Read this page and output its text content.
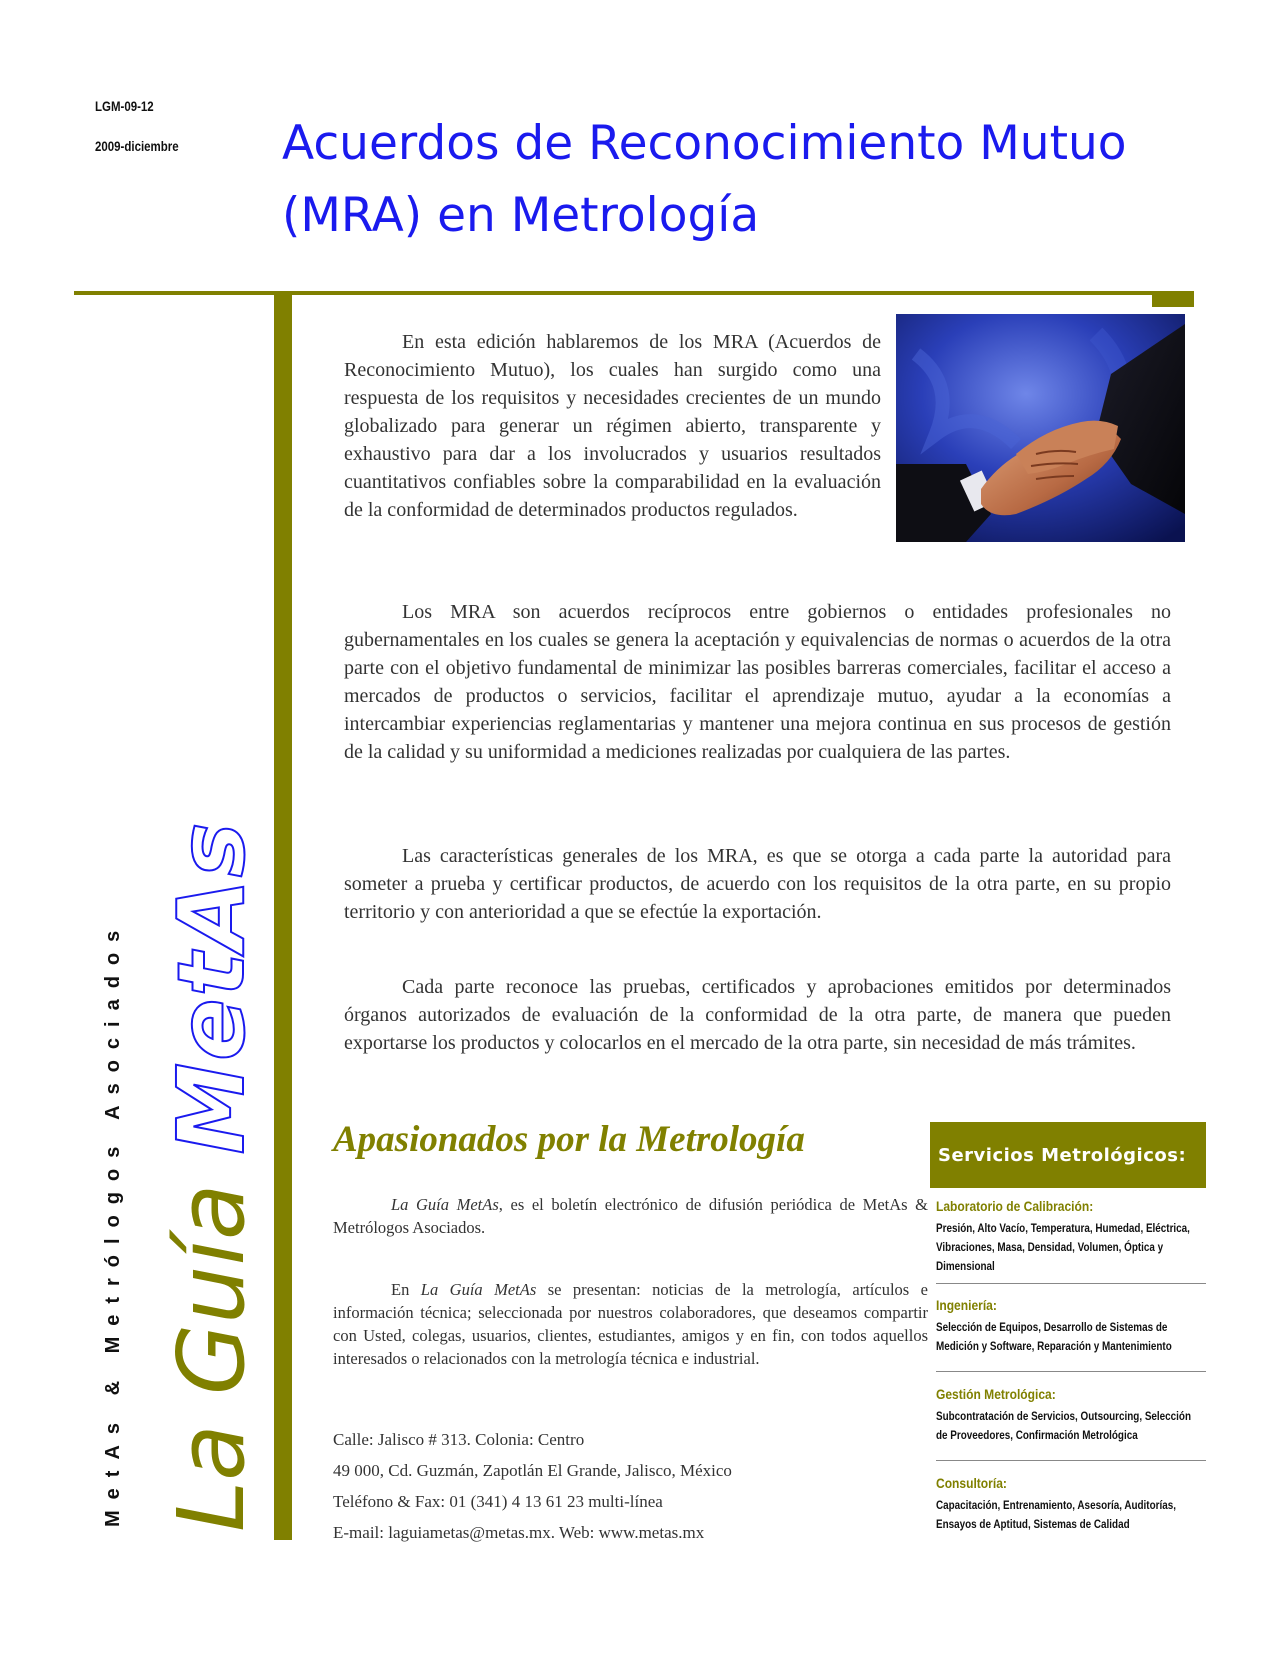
LGM-09-12
2009-diciembre Acuerdos de Reconocimiento Mutuo
(MRA) en Metrología
MetAs & Metrólogos Asociados La Guía MetAs

En esta edición hablaremos de los MRA (Acuerdos de Reconocimiento Mutuo), los cuales han surgido como una respuesta de los requisitos y necesidades crecientes de un mundo globalizado para generar un régimen abierto, transparente y exhaustivo para dar a los involucrados y usuarios resultados cuantitativos confiables sobre la comparabilidad en la evaluación de la conformidad de determinados productos regulados.

Los MRA son acuerdos recíprocos entre gobiernos o entidades profesionales no gubernamentales en los cuales se genera la aceptación y equivalencias de normas o acuerdos de la otra parte con el objetivo fundamental de minimizar las posibles barreras comerciales, facilitar el acceso a mercados de productos o servicios, facilitar el aprendizaje mutuo, ayudar a la economías a intercambiar experiencias reglamentarias y mantener una mejora continua en sus procesos de gestión de la calidad y su uniformidad a mediciones realizadas por cualquiera de las partes.

Las características generales de los MRA, es que se otorga a cada parte la autoridad para someter a prueba y certificar productos, de acuerdo con los requisitos de la otra parte, en su propio territorio y con anterioridad a que se efectúe la exportación.

Cada parte reconoce las pruebas, certificados y aprobaciones emitidos por determinados órganos autorizados de evaluación de la conformidad de la otra parte, de manera que pueden exportarse los productos y colocarlos en el mercado de la otra parte, sin necesidad de más trámites.

Apasionados por la Metrología

La Guía MetAs, es el boletín electrónico de difusión periódica de MetAs & Metrólogos Asociados.

En La Guía MetAs se presentan: noticias de la metrología, artículos e información técnica; seleccionada por nuestros colaboradores, que deseamos compartir con Usted, colegas, usuarios, clientes, estudiantes, amigos y en fin, con todos aquellos interesados o relacionados con la metrología técnica e industrial.

Calle: Jalisco # 313. Colonia: Centro

49 000, Cd. Guzmán, Zapotlán El Grande, Jalisco, México

Teléfono & Fax: 01 (341) 4 13 61 23 multi-línea

E-mail: laguiametas@metas.mx. Web: www.metas.mx

Servicios Metrológicos:

Laboratorio de Calibración:

Presión, Alto Vacío, Temperatura, Humedad, Eléctrica, Vibraciones, Masa, Densidad, Volumen, Óptica y Dimensional

Ingeniería:

Selección de Equipos, Desarrollo de Sistemas de Medición y Software, Reparación y Mantenimiento

Gestión Metrológica:

Subcontratación de Servicios, Outsourcing, Selección de Proveedores, Confirmación Metrológica

Consultoría:

Capacitación, Entrenamiento, Asesoría, Auditorías, Ensayos de Aptitud, Sistemas de Calidad
